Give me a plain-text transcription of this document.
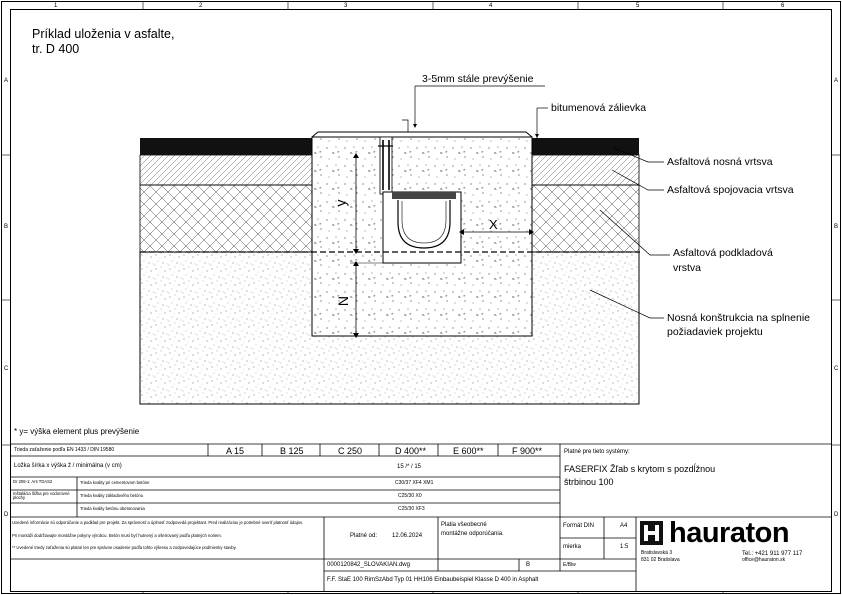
1	2	3	4	5	6
A
B
C
D
A
B
C
D
Príklad uloženia v asfalte,
tr. D 400
3-5mm stále prevýšenie
bitumenová zálievka
Asfaltová nosná vrtsva
Asfaltová spojovacia vrtsva
Asfaltová podkladová
vrstva
Nosná konštrukcia na splnenie
požiadaviek projektu
y
X
N
* y= výška element plus prevýšenie
Trieda zaťaženie podľa EN 1433 / DIN 19580	A 15	B 125	C 250	D 400**	E 600**	F 900**
Ložka šírka x výška ž / minimálna (v cm)	15 /* / 15
Dr 208-1: Ars TDAS2	Trieda kvality pri cementovom betóne	C30/37 XF4 XM1
Inštalácia lôžka pre vodorovné plochy	Trieda kvality základového betónu	C25/30 X0
Trieda kvality betónu obetonovania	C25/30 XF3
Platné pre tieto systémy:
FASERFIX Žľab s krytom s pozdĺžnou
štrbinou 100
Uvedené informácie sú odporúčanie a podklad pre projekt. Za správnosť a úplnosť zodpovedá projektant. Pred realizáciou je potrebné overiť platnosť údajov.
Pri montáži dodržiavajte montážne pokyny výrobcu. Betón musí byť hutnený a ošetrovaný podľa platných noriem.
** Uvedené triedy zaťaženia sú platné len pre správne osadenie podľa tohto výkresu a zodpovedajúce podmienky stavby.
Platia všeobecné
montážne odporúčania.
Platné od: 12.06.2024
Formát DIN	A4
mierka	1:5
0000120842_SLOVAKIAN.dwg	B	E/Blw
F.F. StaE 100 RimSzAbd Typ 01 HH106 Einbaubeispiel Klasse D 400 in Asphalt
hauraton
Bratislavská 3
831 02 Bratislava
Tel.: +421 911 977 117
office@hauraton.sk
